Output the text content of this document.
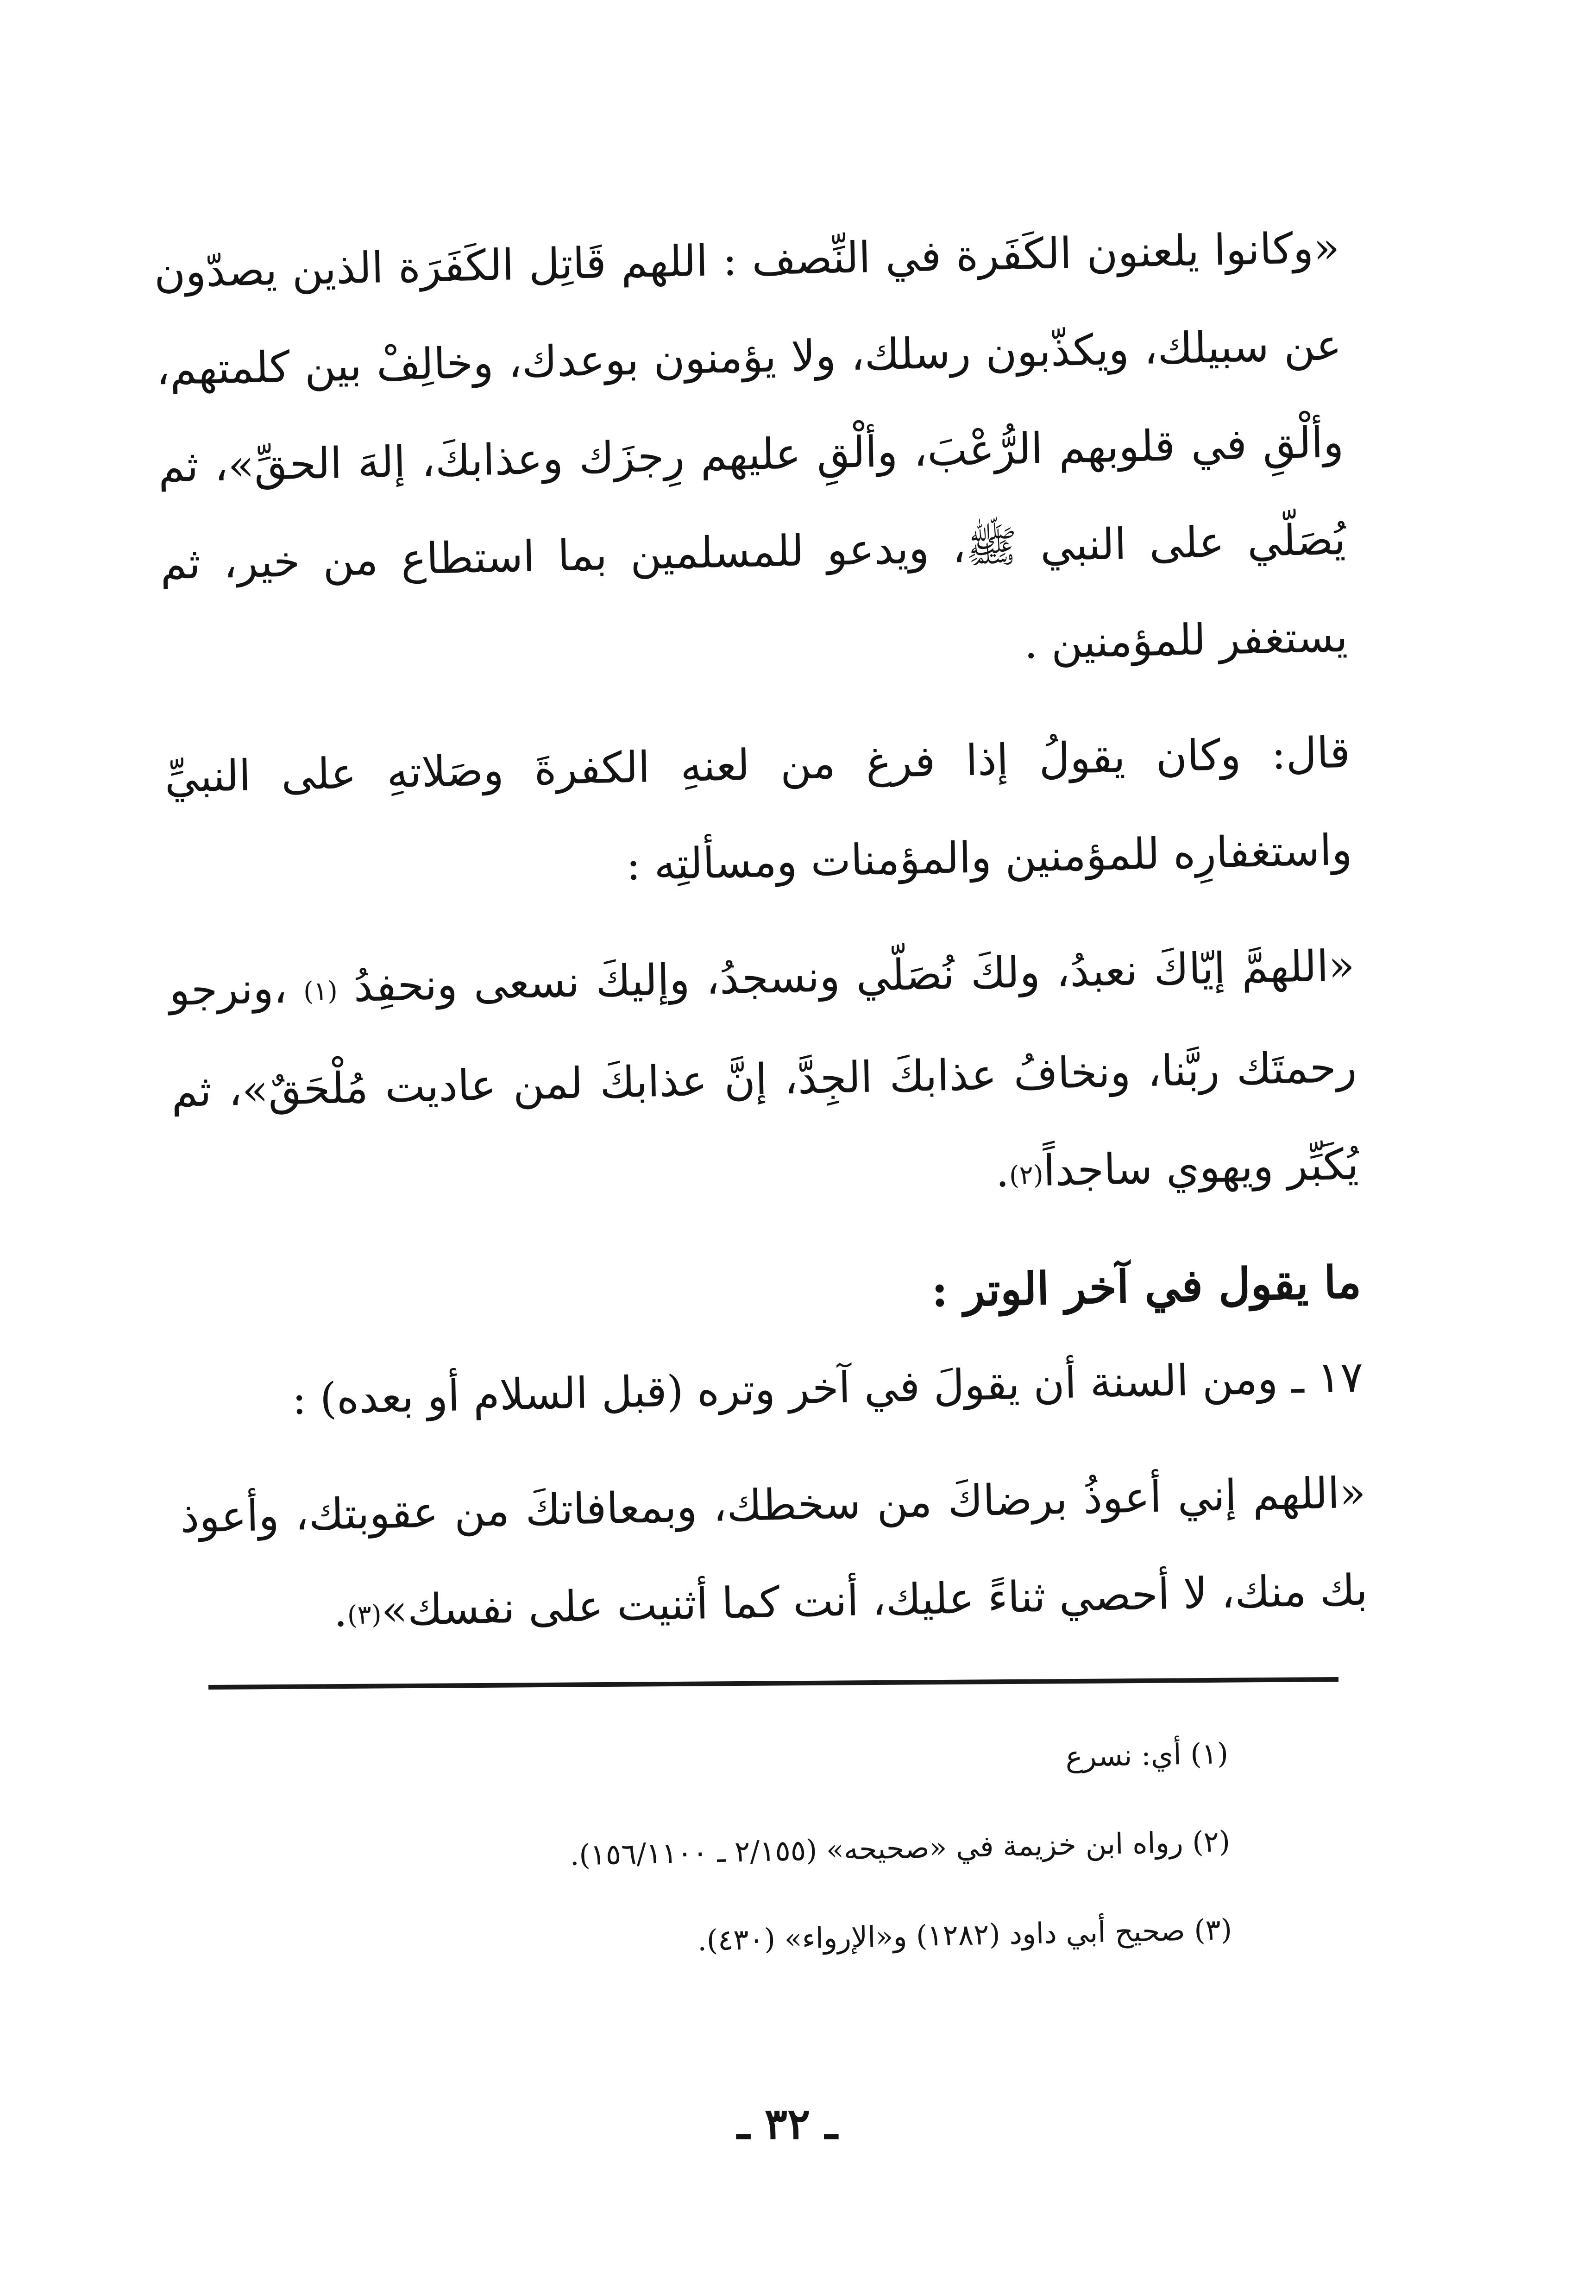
«وكانوا يلعنون الكَفَرة في النِّصف : اللهم قَاتِل الكَفَرَة الذين يصدّون عن سبيلك، ويكذّبون رسلك، ولا يؤمنون بوعدك، وخالِفْ بين كلمتهم، وألْقِ في قلوبهم الرُّعْبَ، وألْقِ عليهم رِجزَك وعذابكَ، إلهَ الحقِّ»، ثم يُصَلّي على النبي ﷺ، ويدعو للمسلمين بما استطاع من خير، ثم يستغفر للمؤمنين .

قال: وكان يقولُ إذا فرغ من لعنهِ الكفرةَ وصَلاتهِ على النبيِّ واستغفارِه للمؤمنين والمؤمنات ومسألتِه :

«اللهمَّ إيّاكَ نعبدُ، ولكَ نُصَلّي ونسجدُ، وإليكَ نسعى ونحفِدُ (١) ،ونرجو رحمتَك ربَّنا، ونخافُ عذابكَ الجِدَّ، إنَّ عذابكَ لمن عاديت مُلْحَقٌ»، ثم يُكَبِّر ويهوي ساجداً(٢).

ما يقول في آخر الوتر :

١٧ ـ ومن السنة أن يقولَ في آخر وتره (قبل السلام أو بعده) :

«اللهم إني أعوذُ برضاكَ من سخطك، وبمعافاتكَ من عقوبتك، وأعوذ بك منك، لا أحصي ثناءً عليك، أنت كما أثنيت على نفسك»(٣).

(١) أي: نسرع

(٢) رواه ابن خزيمة في «صحيحه» (٢/١٥٥ ـ ١٥٦/١١٠٠).

(٣) صحيح أبي داود (١٢٨٢) و«الإرواء» (٤٣٠).

ـ ٣٢ ـ
